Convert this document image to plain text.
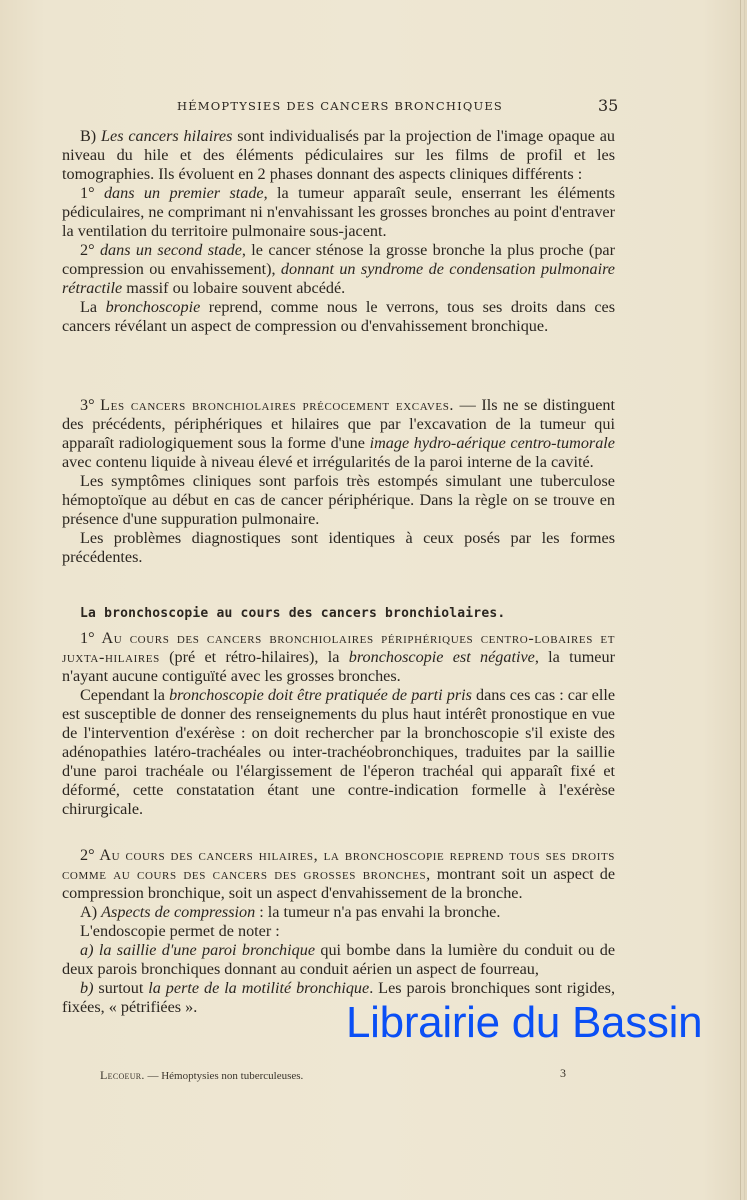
HÉMOPTYSIES DES CANCERS BRONCHIQUES	35

B) Les cancers hilaires sont individualisés par la projection de l'image opaque au niveau du hile et des éléments pédiculaires sur les films de profil et les tomographies. Ils évoluent en 2 phases donnant des aspects cliniques différents :

1° dans un premier stade, la tumeur apparaît seule, enserrant les éléments pédiculaires, ne comprimant ni n'envahissant les grosses bronches au point d'entraver la ventilation du territoire pulmonaire sous-jacent.

2° dans un second stade, le cancer sténose la grosse bronche la plus proche (par compression ou envahissement), donnant un syndrome de condensation pulmonaire rétractile massif ou lobaire souvent abcédé.

La bronchoscopie reprend, comme nous le verrons, tous ses droits dans ces cancers révélant un aspect de compression ou d'envahissement bronchique.

3° Les cancers bronchiolaires précocement excaves. — Ils ne se distinguent des précédents, périphériques et hilaires que par l'excavation de la tumeur qui apparaît radiologiquement sous la forme d'une image hydro-aérique centro-tumorale avec contenu liquide à niveau élevé et irrégularités de la paroi interne de la cavité.

Les symptômes cliniques sont parfois très estompés simulant une tuberculose hémoptoïque au début en cas de cancer périphérique. Dans la règle on se trouve en présence d'une suppuration pulmonaire.

Les problèmes diagnostiques sont identiques à ceux posés par les formes précédentes.

La bronchoscopie au cours des cancers bronchiolaires.

1° Au cours des cancers bronchiolaires périphériques centro-lobaires et juxta-hilaires (pré et rétro-hilaires), la bronchoscopie est négative, la tumeur n'ayant aucune contiguïté avec les grosses bronches.

Cependant la bronchoscopie doit être pratiquée de parti pris dans ces cas : car elle est susceptible de donner des renseignements du plus haut intérêt pronostique en vue de l'intervention d'exérèse : on doit rechercher par la bronchoscopie s'il existe des adénopathies latéro-trachéales ou inter-trachéobronchiques, traduites par la saillie d'une paroi trachéale ou l'élargissement de l'éperon trachéal qui apparaît fixé et déformé, cette constatation étant une contre-indication formelle à l'exérèse chirurgicale.

2° Au cours des cancers hilaires, la bronchoscopie reprend tous ses droits comme au cours des cancers des grosses bronches, montrant soit un aspect de compression bronchique, soit un aspect d'envahissement de la bronche.

A) Aspects de compression : la tumeur n'a pas envahi la bronche.

L'endoscopie permet de noter :

a) la saillie d'une paroi bronchique qui bombe dans la lumière du conduit ou de deux parois bronchiques donnant au conduit aérien un aspect de fourreau,

b) surtout la perte de la motilité bronchique. Les parois bronchiques sont rigides, fixées, « pétrifiées ».

Lecoeur. — Hémoptysies non tuberculeuses.	3
Librairie du Bassin
